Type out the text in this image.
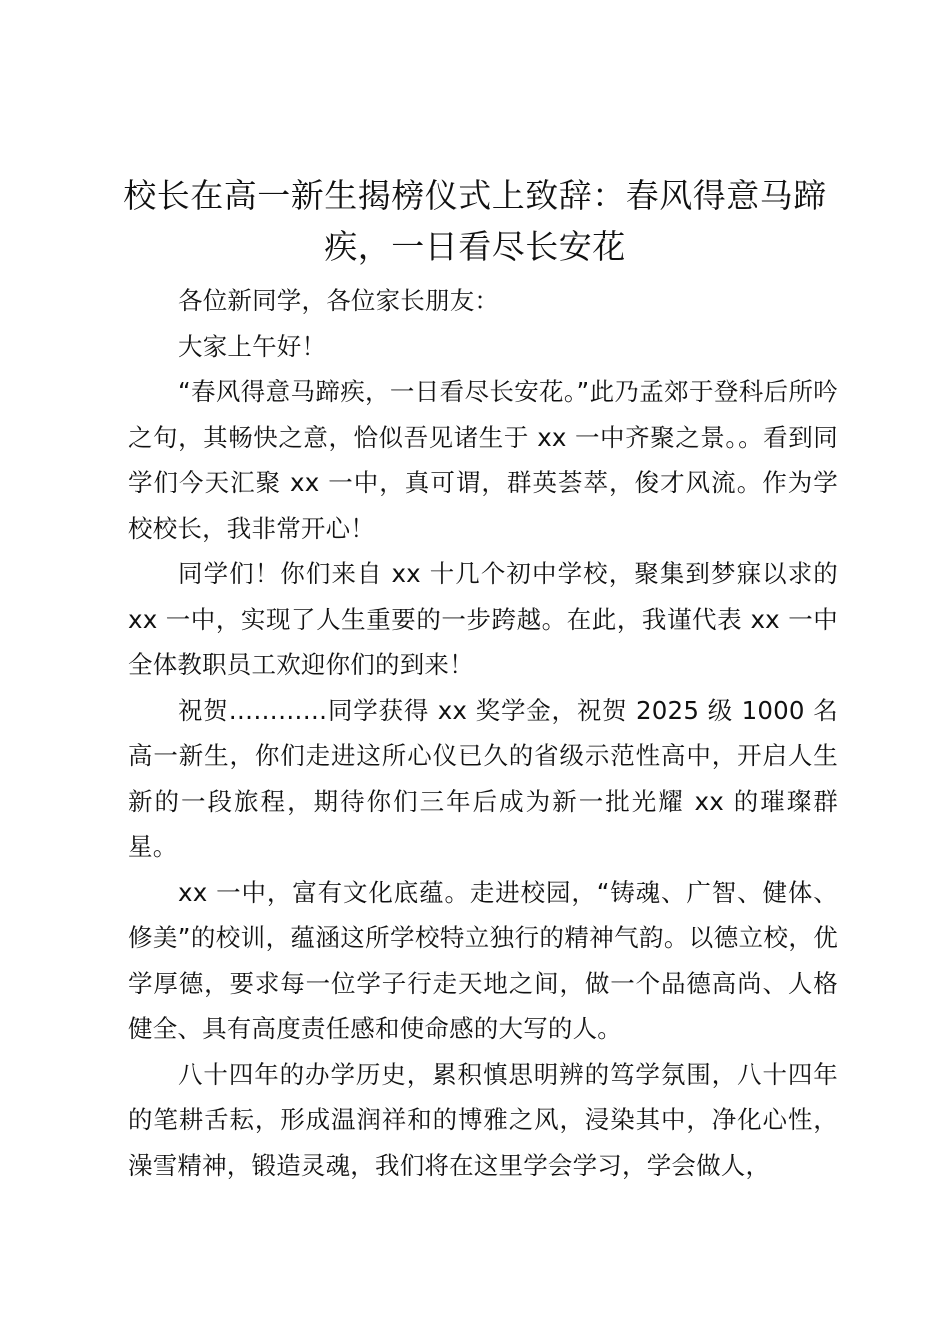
校长在高一新生揭榜仪式上致辞：春风得意马蹄疾，一日看尽长安花

各位新同学，各位家长朋友：

大家上午好！

“春风得意马蹄疾，一日看尽长安花。”此乃孟郊于登科后所吟之句，其畅快之意，恰似吾见诸生于 xx 一中齐聚之景。。看到同学们今天汇聚 xx 一中，真可谓，群英荟萃，俊才风流。作为学校校长，我非常开心！

同学们！你们来自 xx 十几个初中学校，聚集到梦寐以求的 xx 一中，实现了人生重要的一步跨越。在此，我谨代表 xx 一中全体教职员工欢迎你们的到来！

祝贺…………同学获得 xx 奖学金，祝贺 2025 级 1000 名高一新生，你们走进这所心仪已久的省级示范性高中，开启人生新的一段旅程，期待你们三年后成为新一批光耀 xx 的璀璨群星。

xx 一中，富有文化底蕴。走进校园，“铸魂、广智、健体、修美”的校训，蕴涵这所学校特立独行的精神气韵。以德立校，优学厚德，要求每一位学子行走天地之间，做一个品德高尚、人格健全、具有高度责任感和使命感的大写的人。

八十四年的办学历史，累积慎思明辨的笃学氛围，八十四年的笔耕舌耘，形成温润祥和的博雅之风，浸染其中，净化心性，澡雪精神，锻造灵魂，我们将在这里学会学习，学会做人，
